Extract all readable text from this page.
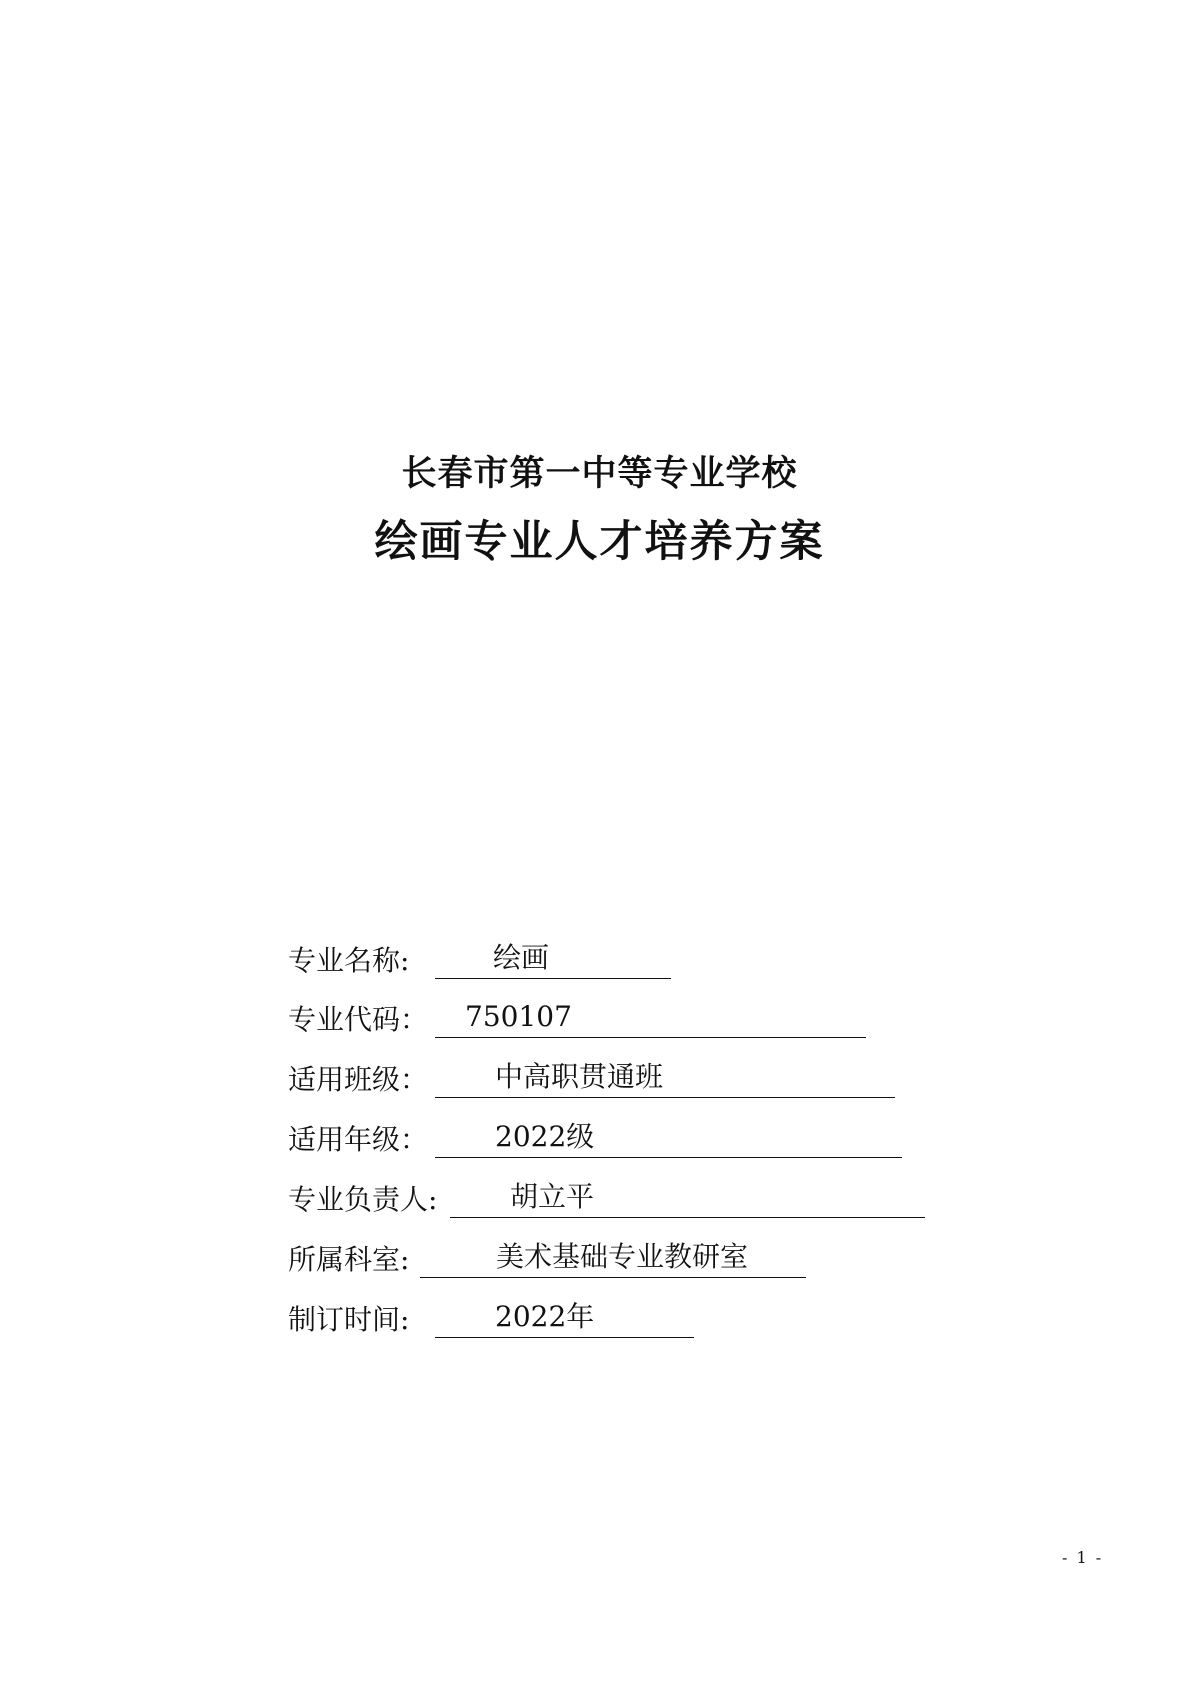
长春市第一中等专业学校
绘画专业人才培养方案
专业名称:	绘画
专业代码： 750107
适用班级： 中高职贯通班
适用年级： 2022级
专业负责人:	胡立平
所属科室:	美术基础专业教研室
制订时间:	2022年
- 1 -
